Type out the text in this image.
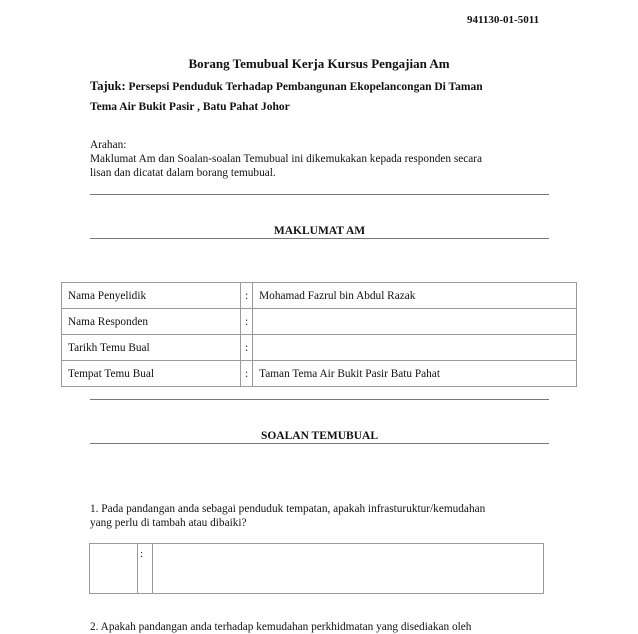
941130-01-5011
Borang Temubual Kerja Kursus Pengajian Am
Tajuk: Persepsi Penduduk Terhadap Pembangunan Ekopelancongan Di Taman
Tema Air Bukit Pasir , Batu Pahat Johor
Arahan:
Maklumat Am dan Soalan-soalan Temubual ini dikemukakan kepada responden secara
lisan dan dicatat dalam borang temubual.
MAKLUMAT AM
Nama Penyelidik	:	Mohamad Fazrul bin Abdul Razak
Nama Responden	:	
Tarikh Temu Bual	:	
Tempat Temu Bual	:	Taman Tema Air Bukit Pasir Batu Pahat
SOALAN TEMUBUAL
1. Pada pandangan anda sebagai penduduk tempatan, apakah infrasturuktur/kemudahan
yang perlu di tambah atau dibaiki?
:
2. Apakah pandangan anda terhadap kemudahan perkhidmatan yang disediakan oleh
